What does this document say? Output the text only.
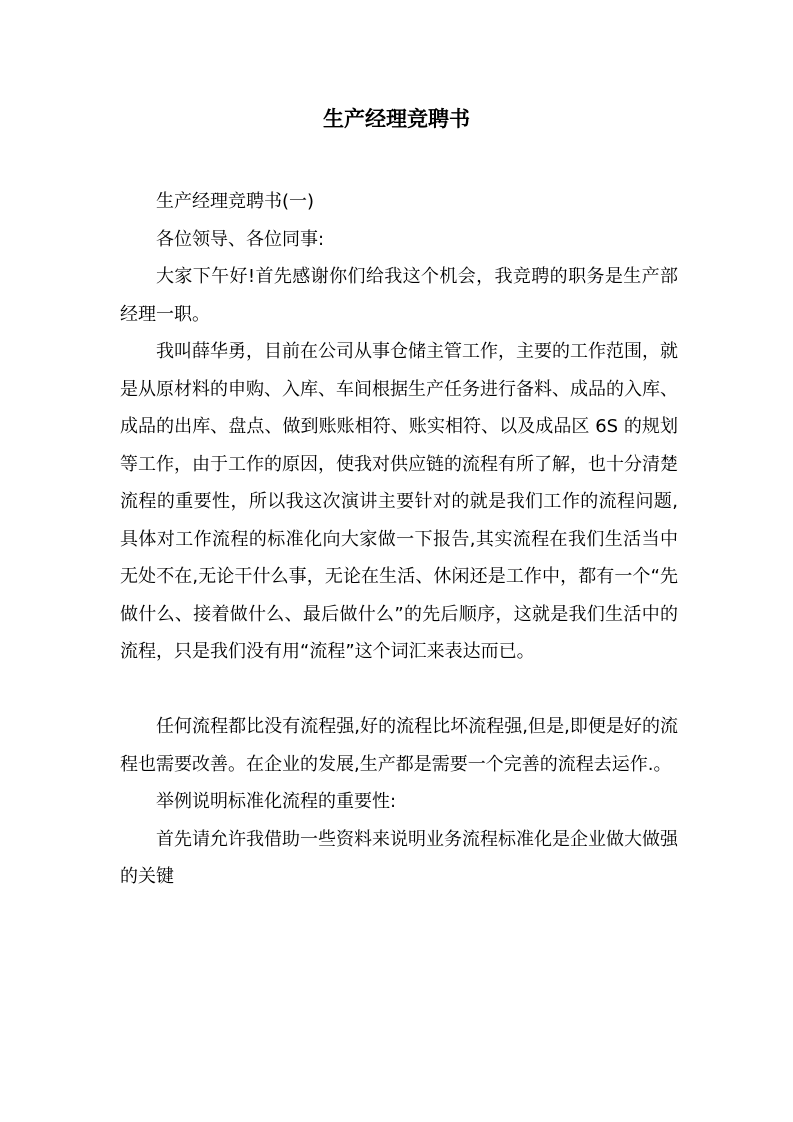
生产经理竞聘书

生产经理竞聘书(一)

各位领导、各位同事:

大家下午好!首先感谢你们给我这个机会，我竞聘的职务是生产部经理一职。

我叫薛华勇，目前在公司从事仓储主管工作，主要的工作范围，就是从原材料的申购、入库、车间根据生产任务进行备料、成品的入库、成品的出库、盘点、做到账账相符、账实相符、以及成品区 6S 的规划等工作，由于工作的原因，使我对供应链的流程有所了解，也十分清楚流程的重要性，所以我这次演讲主要针对的就是我们工作的流程问题,具体对工作流程的标准化向大家做一下报告,其实流程在我们生活当中无处不在,无论干什么事，无论在生活、休闲还是工作中，都有一个“先做什么、接着做什么、最后做什么”的先后顺序，这就是我们生活中的流程，只是我们没有用“流程”这个词汇来表达而已。

任何流程都比没有流程强,好的流程比坏流程强,但是,即便是好的流程也需要改善。在企业的发展,生产都是需要一个完善的流程去运作.。

举例说明标准化流程的重要性:

首先请允许我借助一些资料来说明业务流程标准化是企业做大做强的关键
